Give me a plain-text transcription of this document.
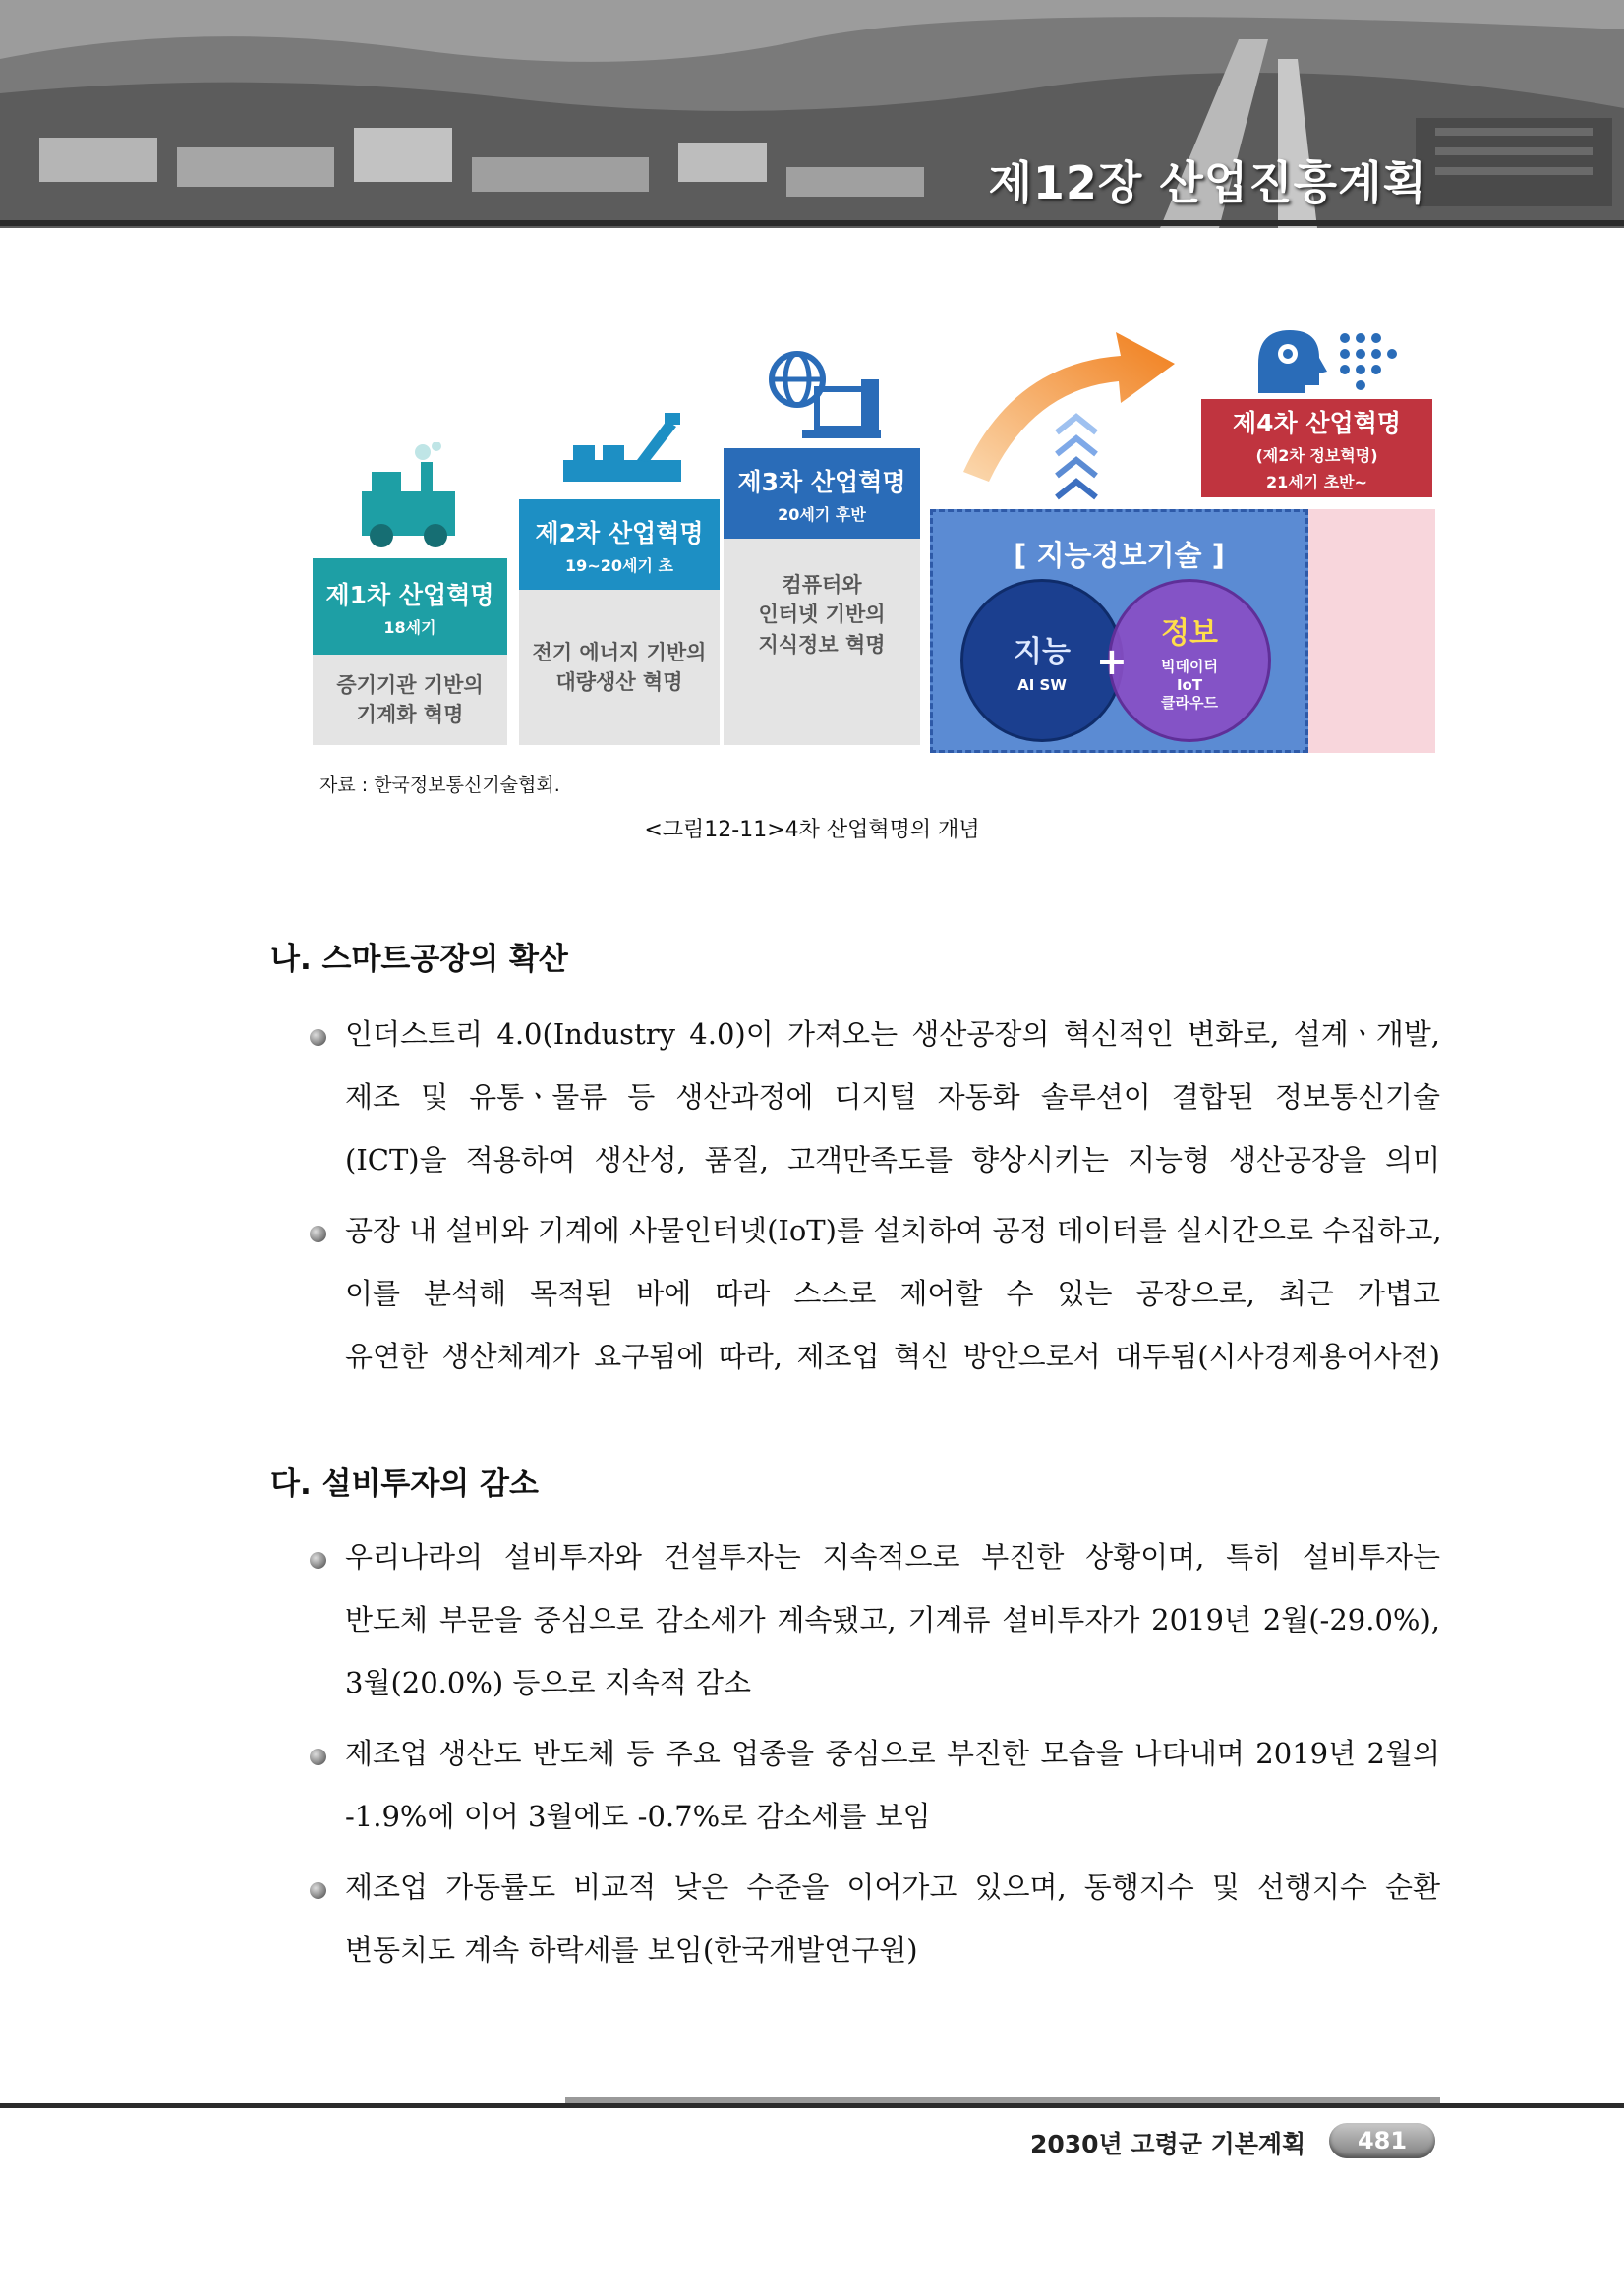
제12장 산업진흥계획
제1차 산업혁명
18세기
증기기관 기반의
기계화 혁명
제2차 산업혁명
19~20세기 초
전기 에너지 기반의
대량생산 혁명
제3차 산업혁명
20세기 후반
컴퓨터와
인터넷 기반의
지식정보 혁명
[ 지능정보기술 ]
지능
AI SW
정보
빅데이터
IoT
클라우드
+
제4차 산업혁명
(제2차 정보혁명)
21세기 초반~
자료 : 한국정보통신기술협회.
<그림12-11>4차 산업혁명의 개념
나. 스마트공장의 확산
인더스트리 4.0(Industry 4.0)이 가져오는 생산공장의 혁신적인 변화로, 설계ㆍ개발,
제조 및 유통ㆍ물류 등 생산과정에 디지털 자동화 솔루션이 결합된 정보통신기술
(ICT)을 적용하여 생산성, 품질, 고객만족도를 향상시키는 지능형 생산공장을 의미
공장 내 설비와 기계에 사물인터넷(IoT)를 설치하여 공정 데이터를 실시간으로 수집하고,
이를 분석해 목적된 바에 따라 스스로 제어할 수 있는 공장으로, 최근 가볍고
유연한 생산체계가 요구됨에 따라, 제조업 혁신 방안으로서 대두됨(시사경제용어사전)
다. 설비투자의 감소
우리나라의 설비투자와 건설투자는 지속적으로 부진한 상황이며, 특히 설비투자는
반도체 부문을 중심으로 감소세가 계속됐고, 기계류 설비투자가 2019년 2월(-29.0%),
3월(20.0%) 등으로 지속적 감소
제조업 생산도 반도체 등 주요 업종을 중심으로 부진한 모습을 나타내며 2019년 2월의
-1.9%에 이어 3월에도 -0.7%로 감소세를 보임
제조업 가동률도 비교적 낮은 수준을 이어가고 있으며, 동행지수 및 선행지수 순환
변동치도 계속 하락세를 보임(한국개발연구원)
2030년 고령군 기본계획	481
